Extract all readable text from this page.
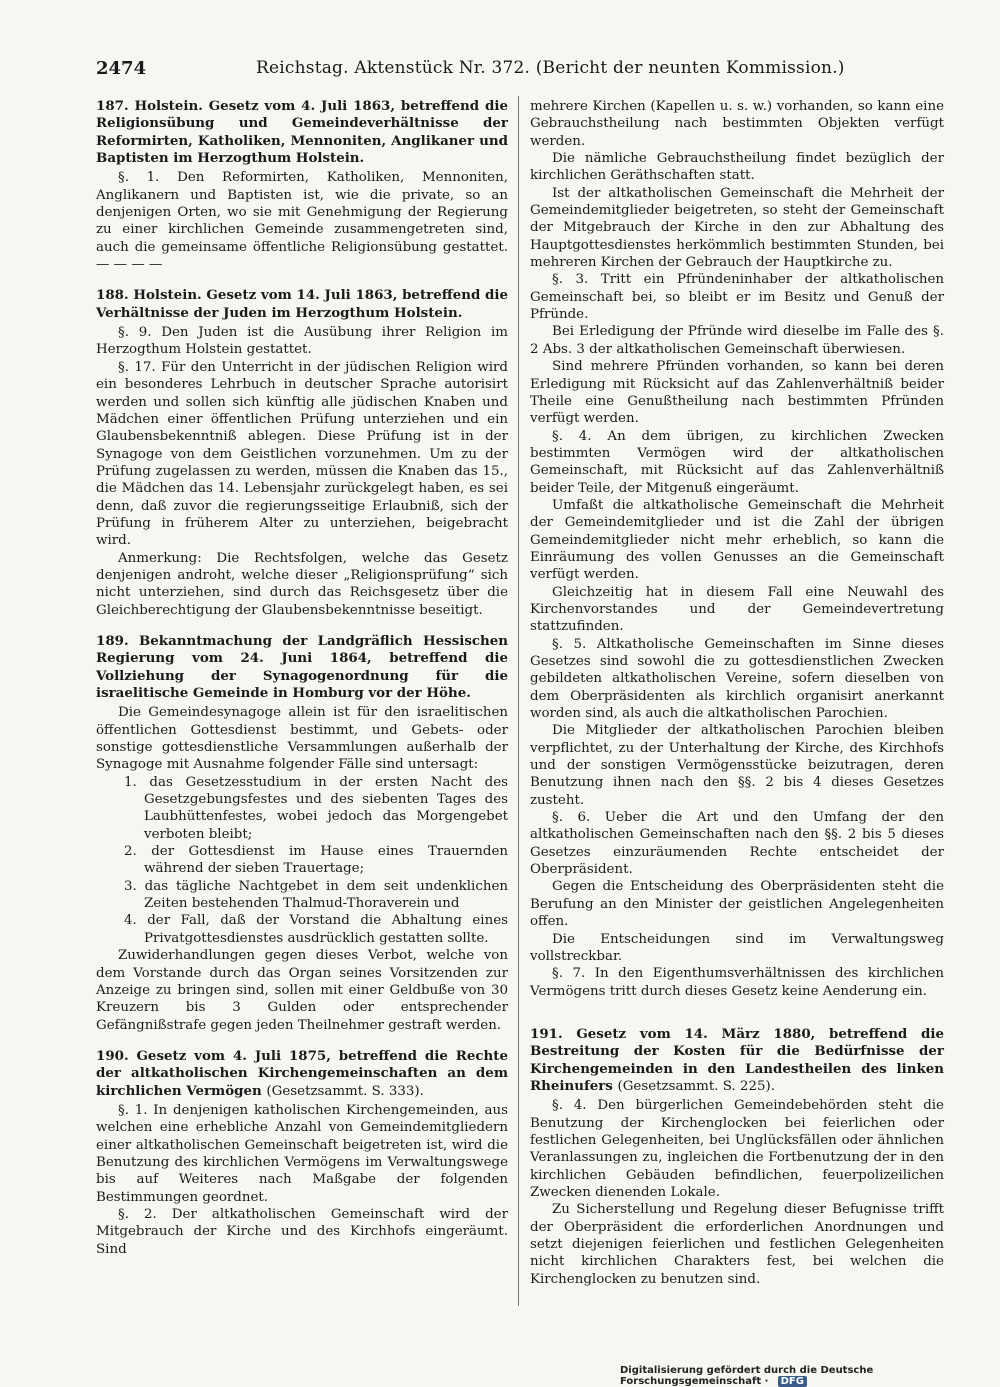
2474	Reichstag. Aktenstück Nr. 372. (Bericht der neunten Kommission.)

187. Holstein. Gesetz vom 4. Juli 1863, betreffend die Religionsübung und Gemeindeverhältnisse der Reformirten, Katholiken, Mennoniten, Anglikaner und Baptisten im Herzogthum Holstein.

§. 1. Den Reformirten, Katholiken, Mennoniten, Anglikanern und Baptisten ist, wie die private, so an denjenigen Orten, wo sie mit Genehmigung der Regierung zu einer kirchlichen Gemeinde zusammengetreten sind, auch die gemeinsame öffentliche Religionsübung gestattet. — — — —

188. Holstein. Gesetz vom 14. Juli 1863, betreffend die Verhältnisse der Juden im Herzogthum Holstein.

§. 9. Den Juden ist die Ausübung ihrer Religion im Herzogthum Holstein gestattet.

§. 17. Für den Unterricht in der jüdischen Religion wird ein besonderes Lehrbuch in deutscher Sprache autorisirt werden und sollen sich künftig alle jüdischen Knaben und Mädchen einer öffentlichen Prüfung unterziehen und ein Glaubensbekenntniß ablegen. Diese Prüfung ist in der Synagoge von dem Geistlichen vorzunehmen. Um zu der Prüfung zugelassen zu werden, müssen die Knaben das 15., die Mädchen das 14. Lebensjahr zurückgelegt haben, es sei denn, daß zuvor die regierungsseitige Erlaubniß, sich der Prüfung in früherem Alter zu unterziehen, beigebracht wird.

Anmerkung: Die Rechtsfolgen, welche das Gesetz denjenigen androht, welche dieser „Religionsprüfung“ sich nicht unterziehen, sind durch das Reichsgesetz über die Gleichberechtigung der Glaubensbekenntnisse beseitigt.

189. Bekanntmachung der Landgräflich Hessischen Regierung vom 24. Juni 1864, betreffend die Vollziehung der Synagogenordnung für die israelitische Gemeinde in Homburg vor der Höhe.

Die Gemeindesynagoge allein ist für den israelitischen öffentlichen Gottesdienst bestimmt, und Gebets- oder sonstige gottesdienstliche Versammlungen außerhalb der Synagoge mit Ausnahme folgender Fälle sind untersagt:

1. das Gesetzesstudium in der ersten Nacht des Gesetzgebungsfestes und des siebenten Tages des Laubhüttenfestes, wobei jedoch das Morgengebet verboten bleibt;
2. der Gottesdienst im Hause eines Trauernden während der sieben Trauertage;
3. das tägliche Nachtgebet in dem seit undenklichen Zeiten bestehenden Thalmud-Thoraverein und
4. der Fall, daß der Vorstand die Abhaltung eines Privatgottesdienstes ausdrücklich gestatten sollte.

Zuwiderhandlungen gegen dieses Verbot, welche von dem Vorstande durch das Organ seines Vorsitzenden zur Anzeige zu bringen sind, sollen mit einer Geldbuße von 30 Kreuzern bis 3 Gulden oder entsprechender Gefängnißstrafe gegen jeden Theilnehmer gestraft werden.

190. Gesetz vom 4. Juli 1875, betreffend die Rechte der altkatholischen Kirchengemeinschaften an dem kirchlichen Vermögen (Gesetzsammt. S. 333).

§. 1. In denjenigen katholischen Kirchengemeinden, aus welchen eine erhebliche Anzahl von Gemeindemitgliedern einer altkatholischen Gemeinschaft beigetreten ist, wird die Benutzung des kirchlichen Vermögens im Verwaltungswege bis auf Weiteres nach Maßgabe der folgenden Bestimmungen geordnet.

§. 2. Der altkatholischen Gemeinschaft wird der Mitgebrauch der Kirche und des Kirchhofs eingeräumt. Sind

mehrere Kirchen (Kapellen u. s. w.) vorhanden, so kann eine Gebrauchstheilung nach bestimmten Objekten verfügt werden.

Die nämliche Gebrauchstheilung findet bezüglich der kirchlichen Geräthschaften statt.

Ist der altkatholischen Gemeinschaft die Mehrheit der Gemeindemitglieder beigetreten, so steht der Gemeinschaft der Mitgebrauch der Kirche in den zur Abhaltung des Hauptgottesdienstes herkömmlich bestimmten Stunden, bei mehreren Kirchen der Gebrauch der Hauptkirche zu.

§. 3. Tritt ein Pfründeninhaber der altkatholischen Gemeinschaft bei, so bleibt er im Besitz und Genuß der Pfründe.

Bei Erledigung der Pfründe wird dieselbe im Falle des §. 2 Abs. 3 der altkatholischen Gemeinschaft überwiesen.

Sind mehrere Pfründen vorhanden, so kann bei deren Erledigung mit Rücksicht auf das Zahlenverhältniß beider Theile eine Genußtheilung nach bestimmten Pfründen verfügt werden.

§. 4. An dem übrigen, zu kirchlichen Zwecken bestimmten Vermögen wird der altkatholischen Gemeinschaft, mit Rücksicht auf das Zahlenverhältniß beider Teile, der Mitgenuß eingeräumt.

Umfaßt die altkatholische Gemeinschaft die Mehrheit der Gemeindemitglieder und ist die Zahl der übrigen Gemeindemitglieder nicht mehr erheblich, so kann die Einräumung des vollen Genusses an die Gemeinschaft verfügt werden.

Gleichzeitig hat in diesem Fall eine Neuwahl des Kirchenvorstandes und der Gemeindevertretung stattzufinden.

§. 5. Altkatholische Gemeinschaften im Sinne dieses Gesetzes sind sowohl die zu gottesdienstlichen Zwecken gebildeten altkatholischen Vereine, sofern dieselben von dem Oberpräsidenten als kirchlich organisirt anerkannt worden sind, als auch die altkatholischen Parochien.

Die Mitglieder der altkatholischen Parochien bleiben verpflichtet, zu der Unterhaltung der Kirche, des Kirchhofs und der sonstigen Vermögensstücke beizutragen, deren Benutzung ihnen nach den §§. 2 bis 4 dieses Gesetzes zusteht.

§. 6. Ueber die Art und den Umfang der den altkatholischen Gemeinschaften nach den §§. 2 bis 5 dieses Gesetzes einzuräumenden Rechte entscheidet der Oberpräsident.

Gegen die Entscheidung des Oberpräsidenten steht die Berufung an den Minister der geistlichen Angelegenheiten offen.

Die Entscheidungen sind im Verwaltungsweg vollstreckbar.

§. 7. In den Eigenthumsverhältnissen des kirchlichen Vermögens tritt durch dieses Gesetz keine Aenderung ein.

191. Gesetz vom 14. März 1880, betreffend die Bestreitung der Kosten für die Bedürfnisse der Kirchengemeinden in den Landestheilen des linken Rheinufers (Gesetzsammt. S. 225).

§. 4. Den bürgerlichen Gemeindebehörden steht die Benutzung der Kirchenglocken bei feierlichen oder festlichen Gelegenheiten, bei Unglücksfällen oder ähnlichen Veranlassungen zu, ingleichen die Fortbenutzung der in den kirchlichen Gebäuden befindlichen, feuerpolizeilichen Zwecken dienenden Lokale.

Zu Sicherstellung und Regelung dieser Befugnisse trifft der Oberpräsident die erforderlichen Anordnungen und setzt diejenigen feierlichen und festlichen Gelegenheiten nicht kirchlichen Charakters fest, bei welchen die Kirchenglocken zu benutzen sind.

Digitalisierung gefördert durch die Deutsche Forschungsgemeinschaft · DFG
